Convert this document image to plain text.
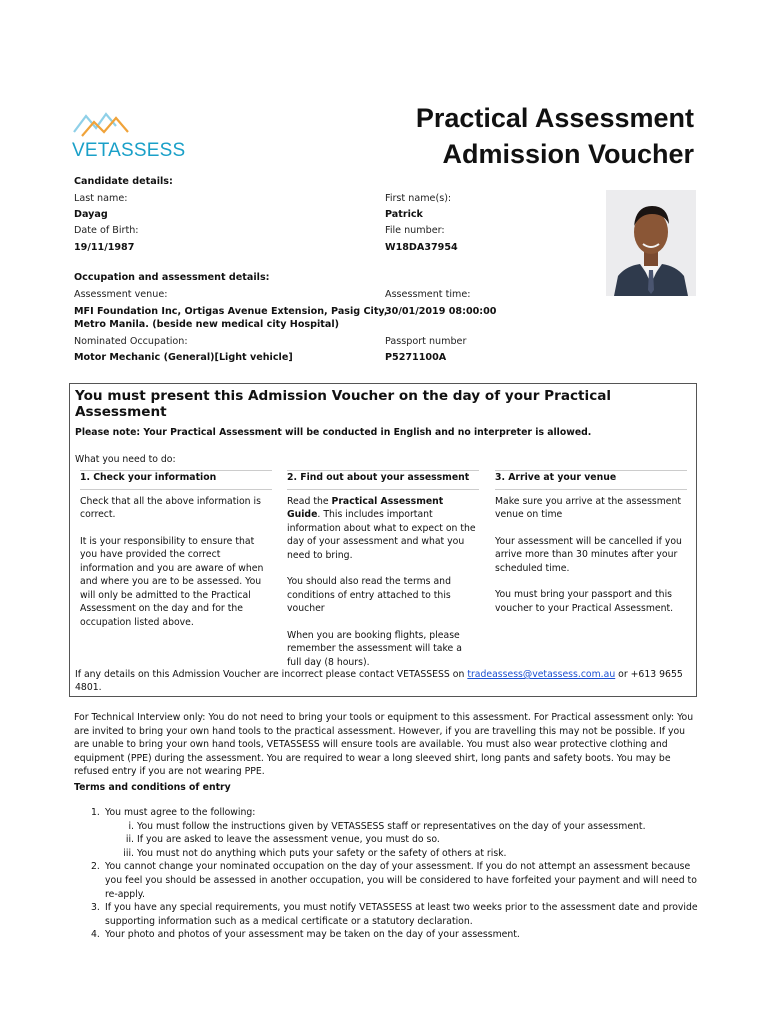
VETASSESS
Practical Assessment
Admission Voucher
Candidate details:
Last name:
Dayag
Date of Birth:
19/11/1987
First name(s):
Patrick
File number:
W18DA37954
Occupation and assessment details:
Assessment venue:
MFI Foundation Inc, Ortigas Avenue Extension, Pasig City,
Metro Manila. (beside new medical city Hospital)
Nominated Occupation:
Motor Mechanic (General)[Light vehicle]
Assessment time:
30/01/2019 08:00:00
Passport number
P5271100A
You must present this Admission Voucher on the day of your Practical Assessment
Please note: Your Practical Assessment will be conducted in English and no interpreter is allowed.
What you need to do:
1. Check your information

Check that all the above information is correct.

It is your responsibility to ensure that you have provided the correct information and you are aware of when and where you are to be assessed. You will only be admitted to the Practical Assessment on the day and for the occupation listed above.

2. Find out about your assessment

Read the Practical Assessment Guide. This includes important information about what to expect on the day of your assessment and what you need to bring.

You should also read the terms and conditions of entry attached to this voucher

When you are booking flights, please remember the assessment will take a full day (8 hours).

3. Arrive at your venue

Make sure you arrive at the assessment venue on time

Your assessment will be cancelled if you arrive more than 30 minutes after your scheduled time.

You must bring your passport and this voucher to your Practical Assessment.

If any details on this Admission Voucher are incorrect please contact VETASSESS on tradeassess@vetassess.com.au or +613 9655 4801.
For Technical Interview only: You do not need to bring your tools or equipment to this assessment. For Practical assessment only: You are invited to bring your own hand tools to the practical assessment. However, if you are travelling this may not be possible. If you are unable to bring your own hand tools, VETASSESS will ensure tools are available. You must also wear protective clothing and equipment (PPE) during the assessment. You are required to wear a long sleeved shirt, long pants and safety boots. You may be refused entry if you are not wearing PPE.
Terms and conditions of entry
1. You must agree to the following:
i. You must follow the instructions given by VETASSESS staff or representatives on the day of your assessment.
ii. If you are asked to leave the assessment venue, you must do so.
iii. You must not do anything which puts your safety or the safety of others at risk.
2. You cannot change your nominated occupation on the day of your assessment. If you do not attempt an assessment because you feel you should be assessed in another occupation, you will be considered to have forfeited your payment and will need to re-apply.
3. If you have any special requirements, you must notify VETASSESS at least two weeks prior to the assessment date and provide supporting information such as a medical certificate or a statutory declaration.
4. Your photo and photos of your assessment may be taken on the day of your assessment.
